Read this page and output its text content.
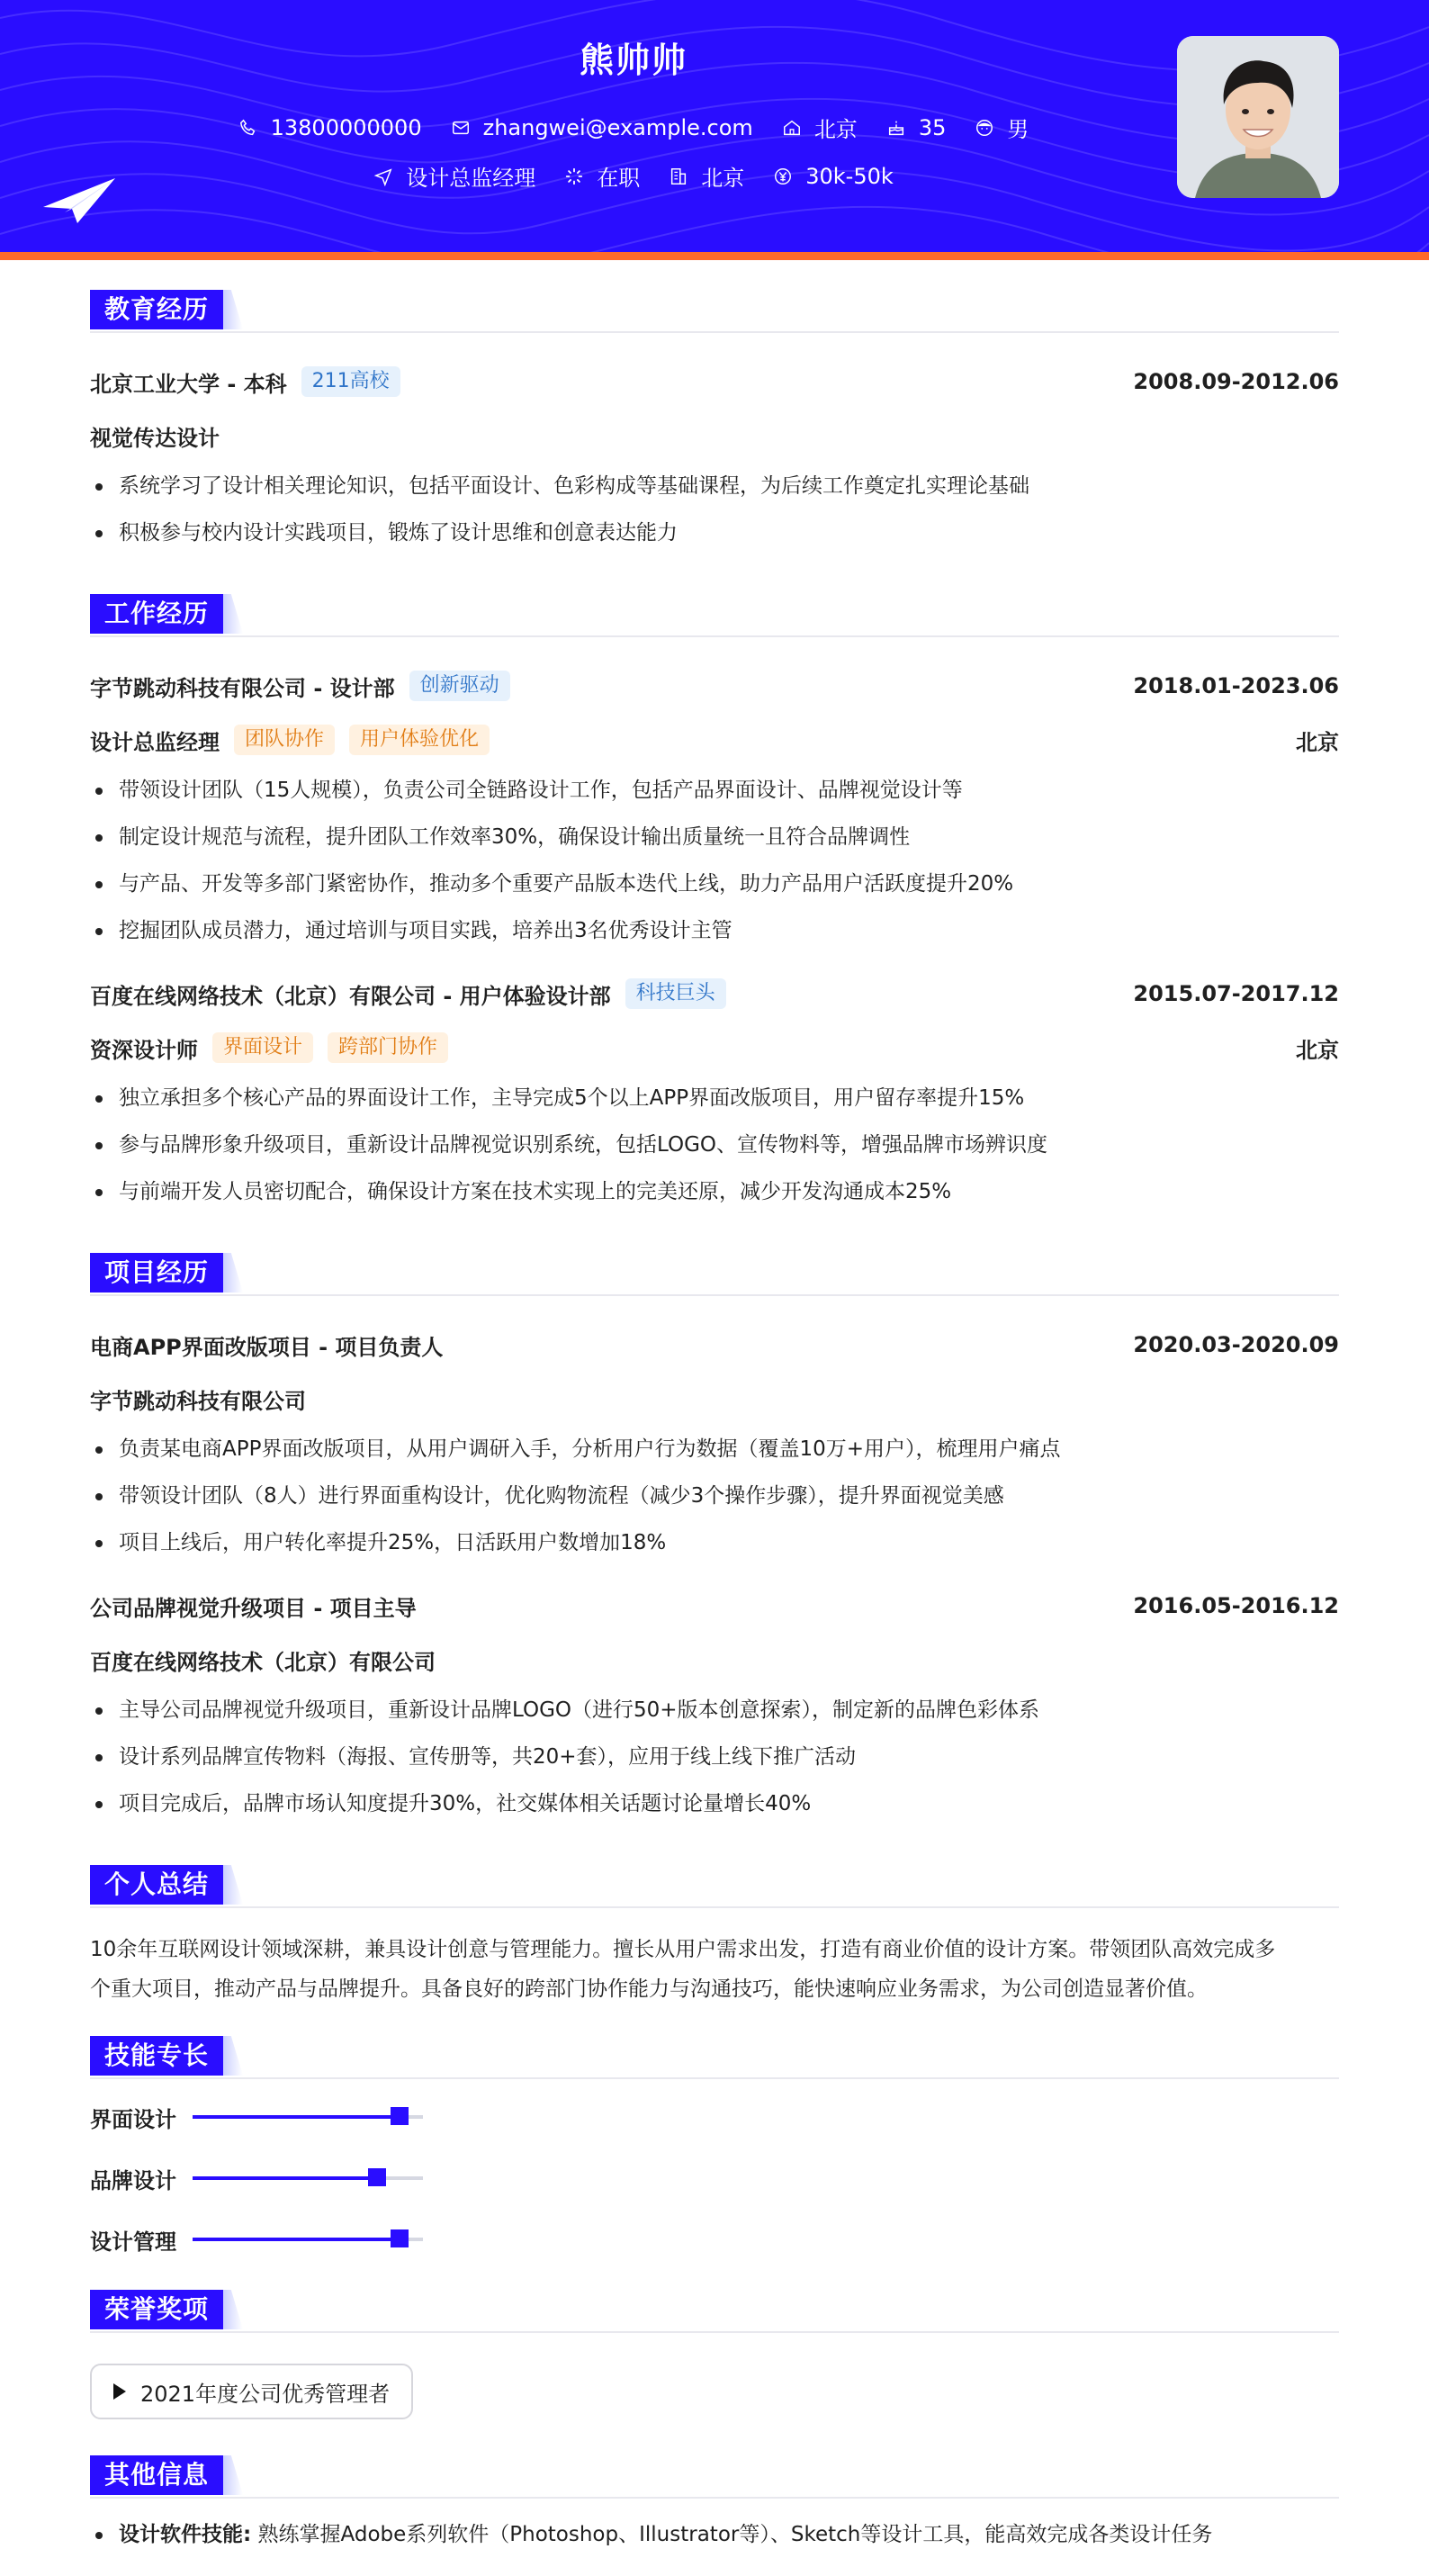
熊帅帅
13800000000	zhangwei@example.com	北京	35	男
设计总监经理	在职	北京	30k-50k
教育经历
北京工业大学 - 本科	211高校	2008.09-2012.06
视觉传达设计
系统学习了设计相关理论知识，包括平面设计、色彩构成等基础课程，为后续工作奠定扎实理论基础
积极参与校内设计实践项目，锻炼了设计思维和创意表达能力
工作经历
字节跳动科技有限公司 - 设计部	创新驱动	2018.01-2023.06
设计总监经理	团队协作	用户体验优化	北京
带领设计团队（15人规模），负责公司全链路设计工作，包括产品界面设计、品牌视觉设计等
制定设计规范与流程，提升团队工作效率30%，确保设计输出质量统一且符合品牌调性
与产品、开发等多部门紧密协作，推动多个重要产品版本迭代上线，助力产品用户活跃度提升20%
挖掘团队成员潜力，通过培训与项目实践，培养出3名优秀设计主管
百度在线网络技术（北京）有限公司 - 用户体验设计部	科技巨头	2015.07-2017.12
资深设计师	界面设计	跨部门协作	北京
独立承担多个核心产品的界面设计工作，主导完成5个以上APP界面改版项目，用户留存率提升15%
参与品牌形象升级项目，重新设计品牌视觉识别系统，包括LOGO、宣传物料等，增强品牌市场辨识度
与前端开发人员密切配合，确保设计方案在技术实现上的完美还原，减少开发沟通成本25%
项目经历
电商APP界面改版项目 - 项目负责人	2020.03-2020.09
字节跳动科技有限公司
负责某电商APP界面改版项目，从用户调研入手，分析用户行为数据（覆盖10万+用户），梳理用户痛点
带领设计团队（8人）进行界面重构设计，优化购物流程（减少3个操作步骤），提升界面视觉美感
项目上线后，用户转化率提升25%，日活跃用户数增加18%
公司品牌视觉升级项目 - 项目主导	2016.05-2016.12
百度在线网络技术（北京）有限公司
主导公司品牌视觉升级项目，重新设计品牌LOGO（进行50+版本创意探索），制定新的品牌色彩体系
设计系列品牌宣传物料（海报、宣传册等，共20+套），应用于线上线下推广活动
项目完成后，品牌市场认知度提升30%，社交媒体相关话题讨论量增长40%
个人总结
10余年互联网设计领域深耕，兼具设计创意与管理能力。擅长从用户需求出发，打造有商业价值的设计方案。带领团队高效完成多
个重大项目，推动产品与品牌提升。具备良好的跨部门协作能力与沟通技巧，能快速响应业务需求，为公司创造显著价值。
技能专长
界面设计
品牌设计
设计管理
荣誉奖项
2021年度公司优秀管理者
其他信息
设计软件技能: 熟练掌握Adobe系列软件（Photoshop、Illustrator等）、Sketch等设计工具，能高效完成各类设计任务
